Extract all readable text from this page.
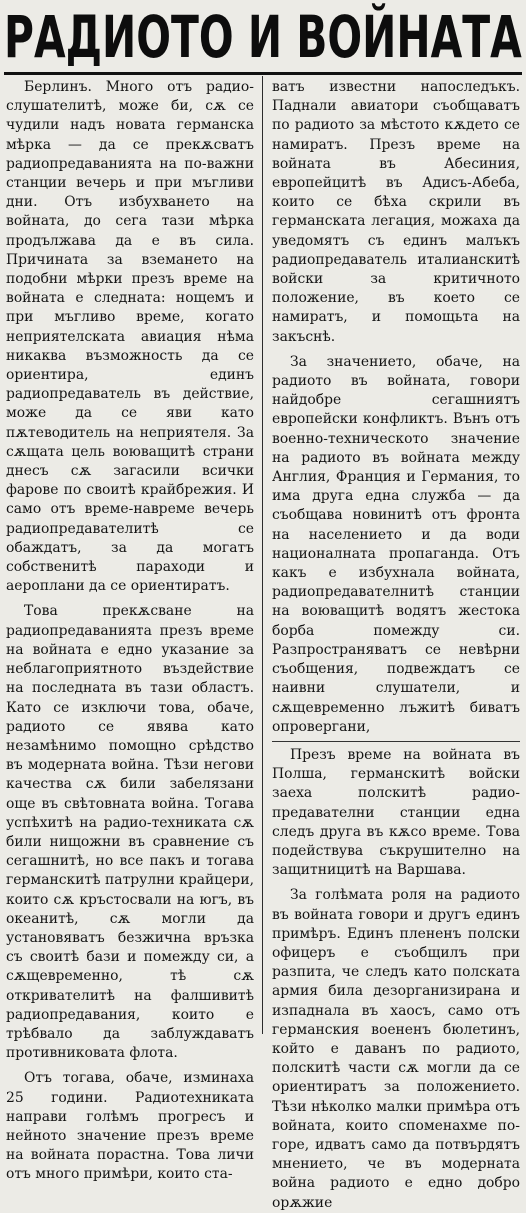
РАДИОТО И ВОЙНАТА

Берлинъ. Много отъ радио-слушателитѣ, може би, сѫ се чудили надъ новата германска мѣрка — да се прекѫсватъ радиопредаванията на по-важни станции вечерь и при мъгливи дни. Отъ избухването на войната, до сега тази мѣрка продължава да е въ сила. Причината за вземането на подобни мѣрки презъ време на войната е следната: нощемъ и при мъгливо време, когато неприятелската авиация нѣма никаква възможность да се ориентира, единъ радиопредаватель въ действие, може да се яви като пѫтеводитель на неприятеля. За сѫщата цель воюващитѣ страни днесъ сѫ загасили всички фарове по своитѣ крайбрежия. И само отъ време-навреме вечерь радиопредавателитѣ се обаждатъ, за да могатъ собственитѣ параходи и аероплани да се ориентиратъ.

Това прекѫсване на радиопредаванията презъ време на войната е едно указание за неблагоприятното въздействие на последната въ тази областъ. Като се изключи това, обаче, радиото се явява като незамѣнимо помощно срѣдство въ модерната война. Тѣзи негови качества сѫ били забелязани още въ свѣтовната война. Тогава успѣхитѣ на радио-техниката сѫ били нищожни въ сравнение съ сегашнитѣ, но все пакъ и тогава германскитѣ патрулни крайцери, които сѫ кръстосвали на югъ, въ океанитѣ, сѫ могли да установяватъ безжична връзка съ своитѣ бази и помежду си, а сѫщевременно, тѣ сѫ откривателитѣ на фалшивитѣ радиопредавания, които е трѣбвало да заблуждаватъ противниковата флота.

Отъ тогава, обаче, изминаха 25 години. Радиотехниката направи голѣмъ прогресъ и нейното значение презъ време на войната порастна. Това личи отъ много примѣри, които ста-

ватъ известни напоследъкъ. Паднали авиатори съобщаватъ по радиото за мѣстото кѫдето се намиратъ. Презъ време на войната въ Абесиния, европейцитѣ въ Адисъ-Абеба, които се бѣха скрили въ германската легация, можаха да уведомятъ съ единъ малъкъ радиопредаватель италианскитѣ войски за критичното положение, въ което се намиратъ, и помощьта на закъснѣ.

За значението, обаче, на радиото въ войната, говори найдобре сегашниятъ европейски конфликтъ. Вънъ отъ военно-техническото значение на радиото въ войната между Англия, Франция и Германия, то има друга една служба — да съобщава новинитѣ отъ фронта на населението и да води националната пропаганда. Отъ какъ е избухнала войната, радиопредавателнитѣ станции на воюващитѣ водятъ жестока борба помежду си. Разпространяватъ се невѣрни съобщения, подвеждатъ се наивни слушатели, и сѫщевременно лъжитѣ биватъ опровергани,

Презъ време на войната въ Полша, германскитѣ войски заеха полскитѣ радио-предавателни станции една следъ друга въ кѫсо време. Това подействува съкрушително на защитницитѣ на Варшава.

За голѣмата роля на радиото въ войната говори и другъ единъ примѣръ. Единъ плененъ полски офицеръ е съобщилъ при разпита, че следъ като полската армия била дезорганизирана и изпаднала въ хаосъ, само отъ германския воененъ бюлетинъ, който е даванъ по радиото, полскитѣ части сѫ могли да се ориентиратъ за положението. Тѣзи нѣколко малки примѣра отъ войната, които споменахме по-горе, идватъ само да потвърдятъ мнението, че въ модерната война радиото е едно добро орѫжие
